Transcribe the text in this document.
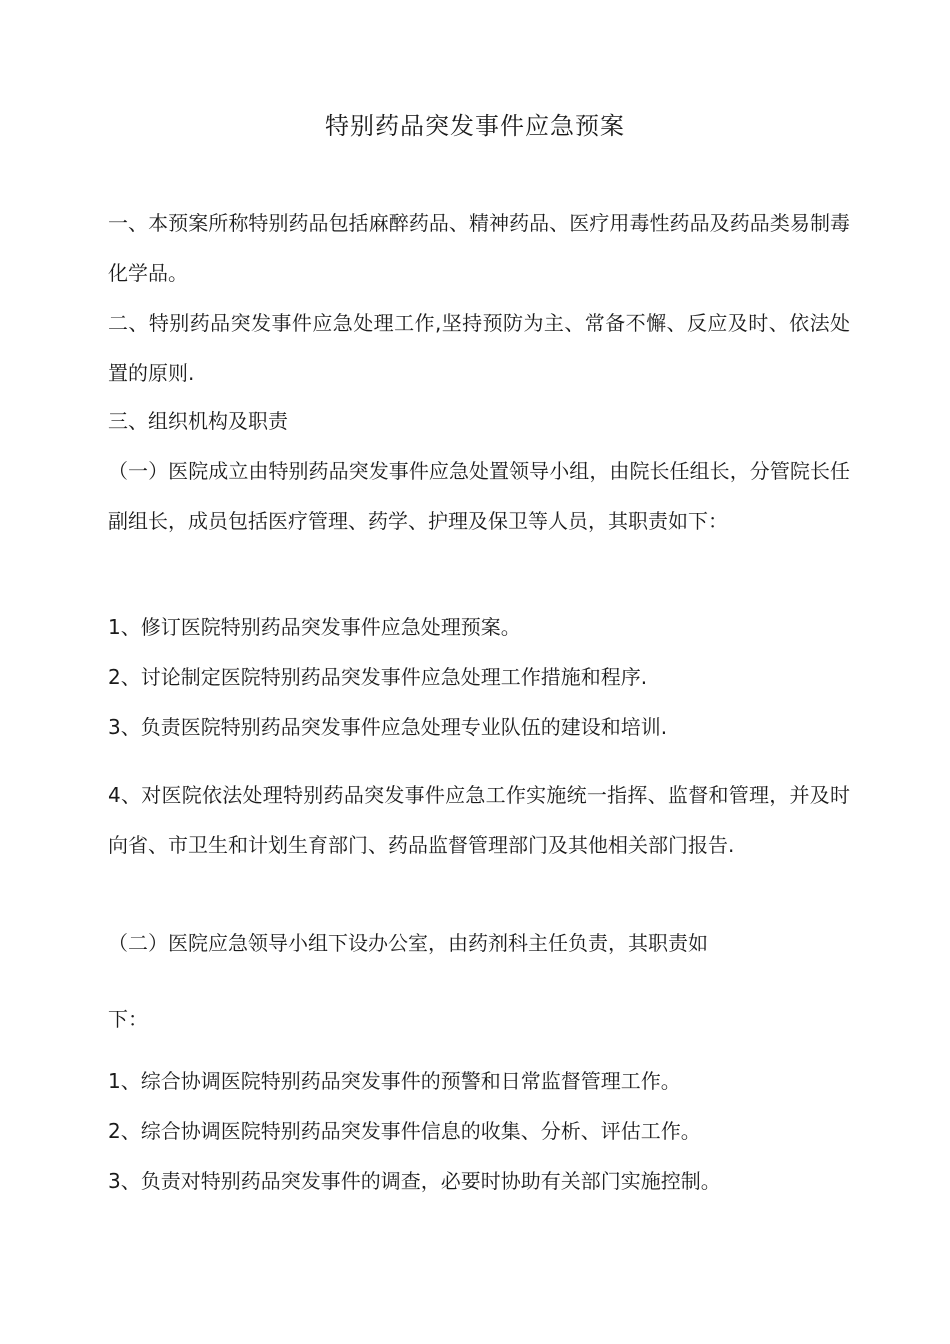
特别药品突发事件应急预案

一、本预案所称特别药品包括麻醉药品、精神药品、医疗用毒性药品及药品类易制毒化学品。

二、特别药品突发事件应急处理工作,坚持预防为主、常备不懈、反应及时、依法处置的原则.

三、组织机构及职责

（一）医院成立由特别药品突发事件应急处置领导小组，由院长任组长，分管院长任副组长，成员包括医疗管理、药学、护理及保卫等人员，其职责如下：

1、修订医院特别药品突发事件应急处理预案。

2、讨论制定医院特别药品突发事件应急处理工作措施和程序.

3、负责医院特别药品突发事件应急处理专业队伍的建设和培训.

4、对医院依法处理特别药品突发事件应急工作实施统一指挥、监督和管理，并及时向省、市卫生和计划生育部门、药品监督管理部门及其他相关部门报告.

（二）医院应急领导小组下设办公室，由药剂科主任负责，其职责如

下：

1、综合协调医院特别药品突发事件的预警和日常监督管理工作。

2、综合协调医院特别药品突发事件信息的收集、分析、评估工作。

3、负责对特别药品突发事件的调查，必要时协助有关部门实施控制。
